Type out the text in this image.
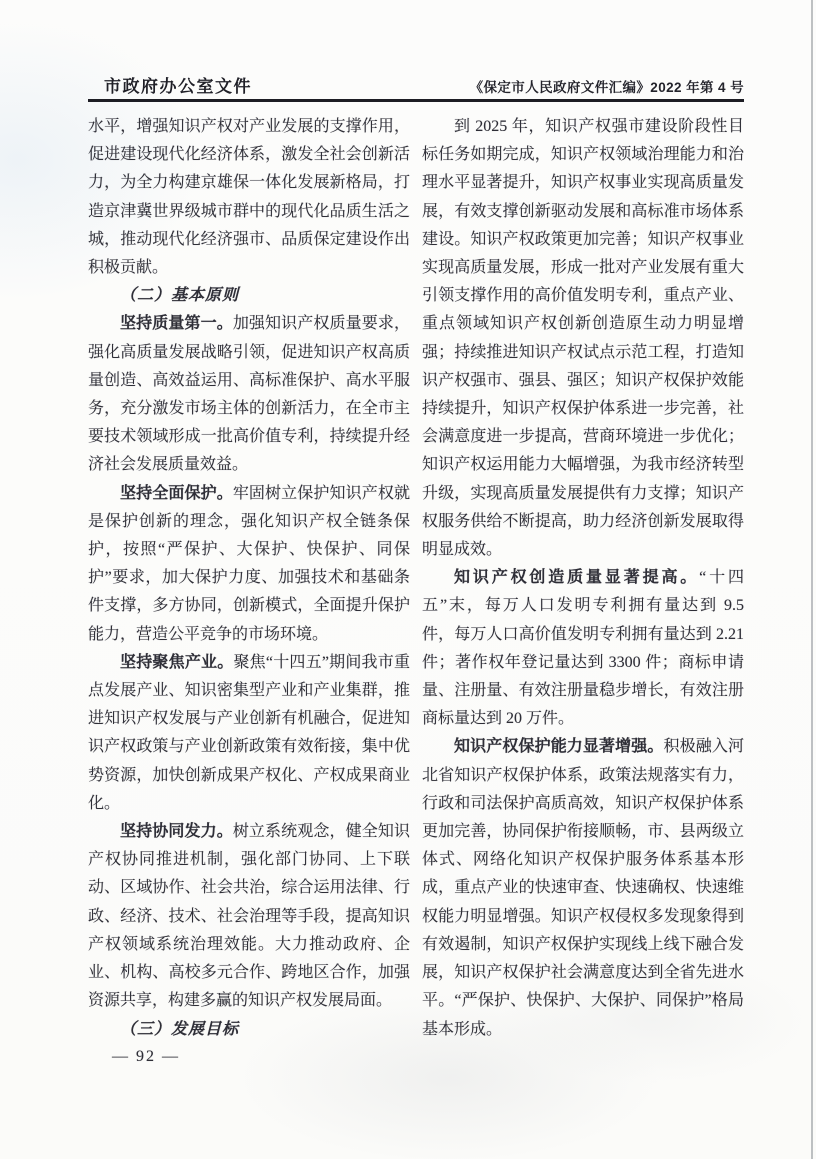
市政府办公室文件	《保定市人民政府文件汇编》2022 年第 4 号

水平，增强知识产权对产业发展的支撑作用，促进建设现代化经济体系，激发全社会创新活力，为全力构建京雄保一体化发展新格局，打造京津冀世界级城市群中的现代化品质生活之城，推动现代化经济强市、品质保定建设作出积极贡献。

（二）基本原则

坚持质量第一。加强知识产权质量要求，强化高质量发展战略引领，促进知识产权高质量创造、高效益运用、高标准保护、高水平服务，充分激发市场主体的创新活力，在全市主要技术领域形成一批高价值专利，持续提升经济社会发展质量效益。

坚持全面保护。牢固树立保护知识产权就是保护创新的理念，强化知识产权全链条保护，按照“严保护、大保护、快保护、同保护”要求，加大保护力度、加强技术和基础条件支撑，多方协同，创新模式，全面提升保护能力，营造公平竞争的市场环境。

坚持聚焦产业。聚焦“十四五”期间我市重点发展产业、知识密集型产业和产业集群，推进知识产权发展与产业创新有机融合，促进知识产权政策与产业创新政策有效衔接，集中优势资源，加快创新成果产权化、产权成果商业化。

坚持协同发力。树立系统观念，健全知识产权协同推进机制，强化部门协同、上下联动、区域协作、社会共治，综合运用法律、行政、经济、技术、社会治理等手段，提高知识产权领域系统治理效能。大力推动政府、企业、机构、高校多元合作、跨地区合作，加强资源共享，构建多赢的知识产权发展局面。

（三）发展目标

到 2025 年，知识产权强市建设阶段性目标任务如期完成，知识产权领域治理能力和治理水平显著提升，知识产权事业实现高质量发展，有效支撑创新驱动发展和高标准市场体系建设。知识产权政策更加完善；知识产权事业实现高质量发展，形成一批对产业发展有重大引领支撑作用的高价值发明专利，重点产业、重点领域知识产权创新创造原生动力明显增强；持续推进知识产权试点示范工程，打造知识产权强市、强县、强区；知识产权保护效能持续提升，知识产权保护体系进一步完善，社会满意度进一步提高，营商环境进一步优化；知识产权运用能力大幅增强，为我市经济转型升级，实现高质量发展提供有力支撑；知识产权服务供给不断提高，助力经济创新发展取得明显成效。

知识产权创造质量显著提高。“十四五”末，每万人口发明专利拥有量达到 9.5 件，每万人口高价值发明专利拥有量达到 2.21 件；著作权年登记量达到 3300 件；商标申请量、注册量、有效注册量稳步增长，有效注册商标量达到 20 万件。

知识产权保护能力显著增强。积极融入河北省知识产权保护体系，政策法规落实有力，行政和司法保护高质高效，知识产权保护体系更加完善，协同保护衔接顺畅，市、县两级立体式、网络化知识产权保护服务体系基本形成，重点产业的快速审查、快速确权、快速维权能力明显增强。知识产权侵权多发现象得到有效遏制，知识产权保护实现线上线下融合发展，知识产权保护社会满意度达到全省先进水平。“严保护、快保护、大保护、同保护”格局基本形成。

— 92 —
